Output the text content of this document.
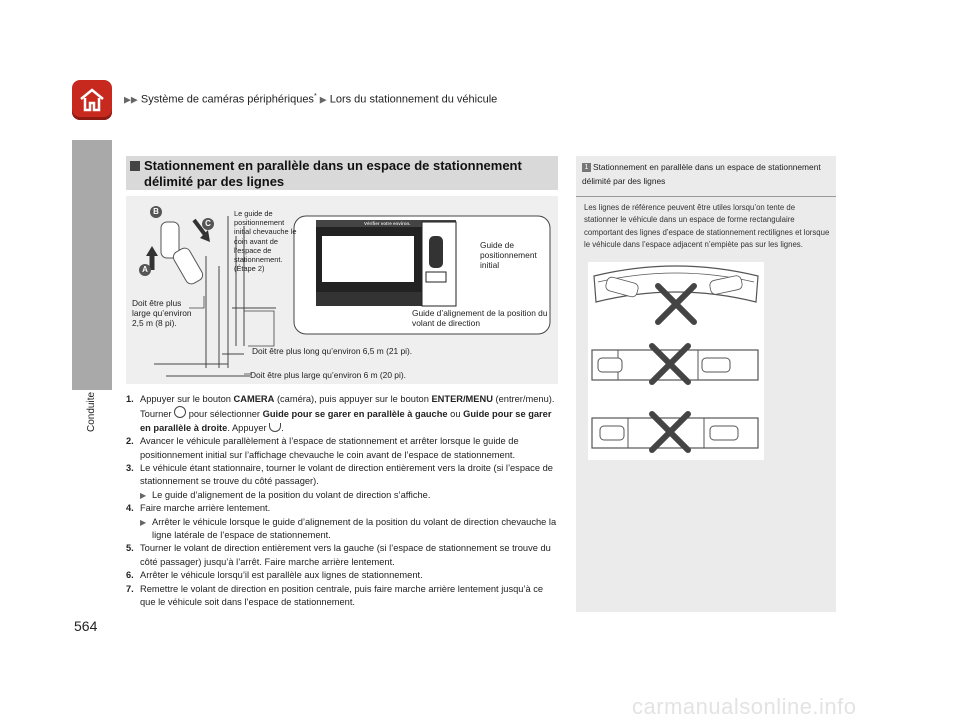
▶▶ Système de caméras périphériques* ▶ Lors du stationnement du véhicule
Conduite
564
Stationnement en parallèle dans un espace de stationnement délimité par des lignes
B
C
A
Le guide de positionnement initial chevauche le coin avant de l’espace de stationnement. (Étape 2)
Doit être plus large qu’environ 2,5 m (8 pi).
Doit être plus long qu’environ 6,5 m (21 pi).
Doit être plus large qu’environ 6 m (20 pi).
Vérifier votre environ.
Guide de positionnement initial
Guide d’alignement de la position du volant de direction
1. Appuyer sur le bouton CAMERA (caméra), puis appuyer sur le bouton ENTER/MENU (entrer/menu). Tourner  pour sélectionner Guide pour se garer en parallèle à gauche ou Guide pour se garer en parallèle à droite. Appuyer .
2. Avancer le véhicule parallèlement à l’espace de stationnement et arrêter lorsque le guide de positionnement initial sur l’affichage chevauche le coin avant de l’espace de stationnement.
3. Le véhicule étant stationnaire, tourner le volant de direction entièrement vers la droite (si l’espace de stationnement se trouve du côté passager).
▶ Le guide d’alignement de la position du volant de direction s’affiche.
4. Faire marche arrière lentement.
▶ Arrêter le véhicule lorsque le guide d’alignement de la position du volant de direction chevauche la ligne latérale de l’espace de stationnement.
5. Tourner le volant de direction entièrement vers la gauche (si l’espace de stationnement se trouve du côté passager) jusqu’à l’arrêt. Faire marche arrière lentement.
6. Arrêter le véhicule lorsqu’il est parallèle aux lignes de stationnement.
7. Remettre le volant de direction en position centrale, puis faire marche arrière lentement jusqu’à ce que le véhicule soit dans l’espace de stationnement.
1 Stationnement en parallèle dans un espace de stationnement délimité par des lignes
Les lignes de référence peuvent être utiles lorsqu’on tente de stationner le véhicule dans un espace de forme rectangulaire comportant des lignes d’espace de stationnement rectilignes et lorsque le véhicule dans l’espace adjacent n’empiète pas sur les lignes.
carmanualsonline.info
